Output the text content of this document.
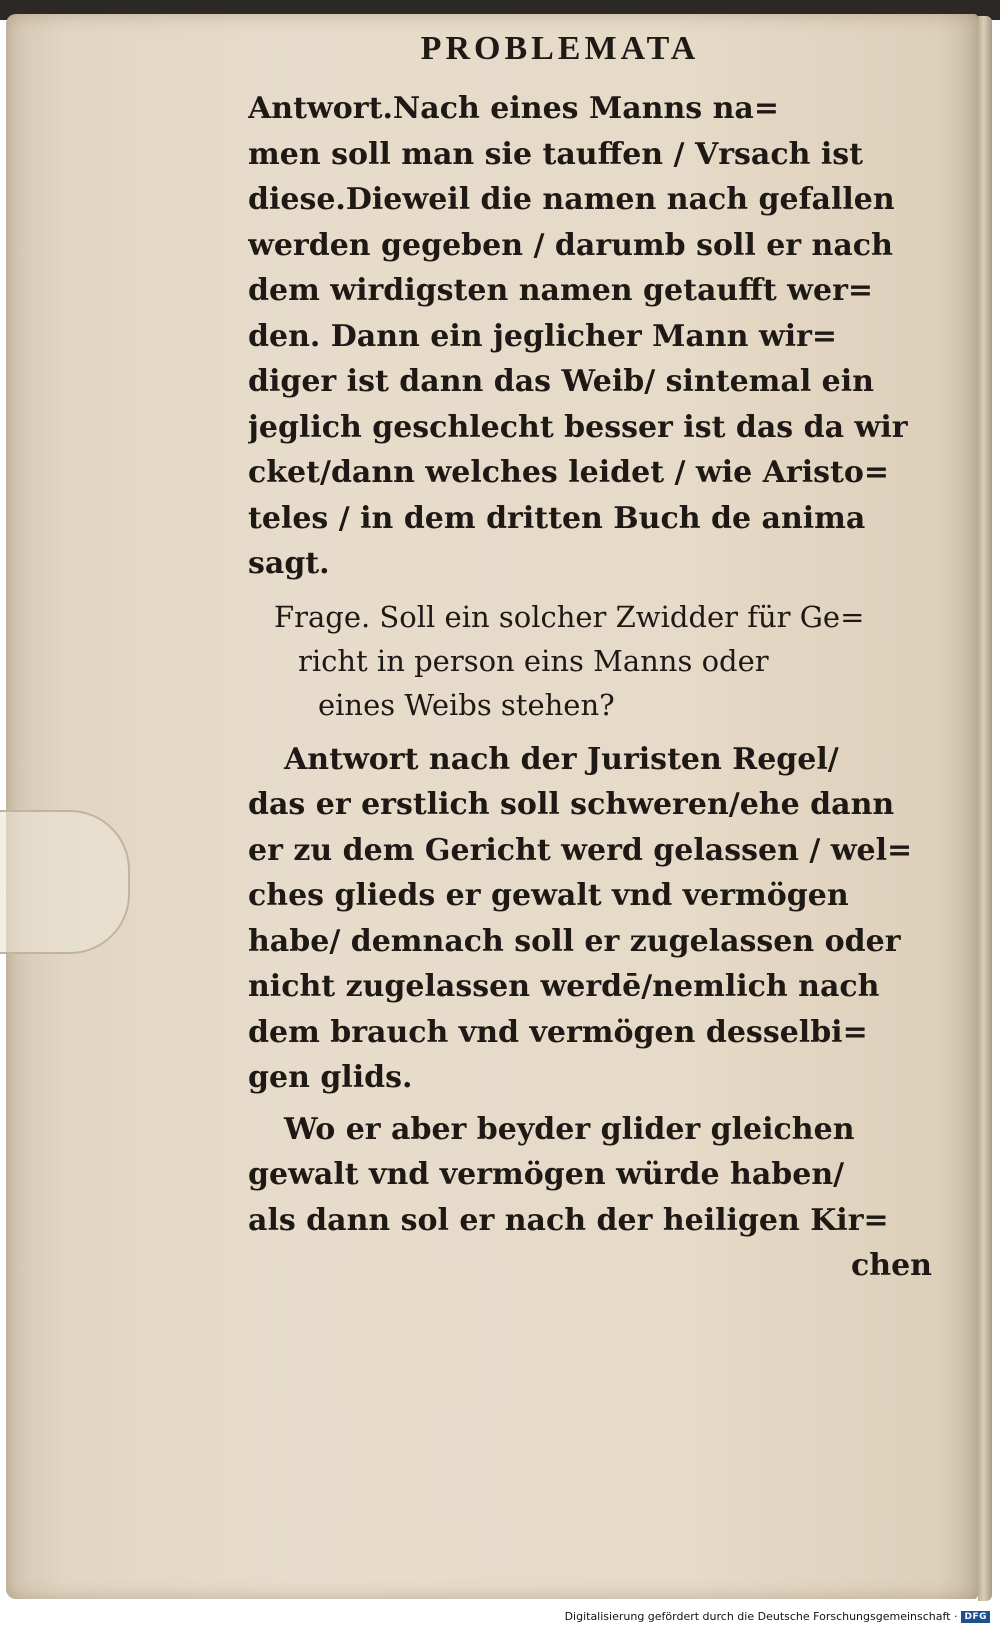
PROBLEMATA
Antwort.Nach eines Manns na=
men soll man sie tauffen / Vrsach ist
diese.Dieweil die namen nach gefallen
werden gegeben / darumb soll er nach
dem wirdigsten namen getaufft wer=
den. Dann ein jeglicher Mann wir=
diger ist dann das Weib/ sintemal ein
jeglich geschlecht besser ist das da wir
cket/dann welches leidet / wie Aristo=
teles / in dem dritten Buch de anima
sagt.
Frage. Soll ein solcher Zwidder für Ge=
richt in person eins Manns oder
eines Weibs stehen?
Antwort nach der Juristen Regel/
das er erstlich soll schweren/ehe dann
er zu dem Gericht werd gelassen / wel=
ches glieds er gewalt vnd vermögen
habe/ demnach soll er zugelassen oder
nicht zugelassen werdē/nemlich nach
dem brauch vnd vermögen desselbi=
gen glids.
Wo er aber beyder glider gleichen
gewalt vnd vermögen würde haben/
als dann sol er nach der heiligen Kir=
chen
Digitalisierung gefördert durch die Deutsche Forschungsgemeinschaft · DFG
